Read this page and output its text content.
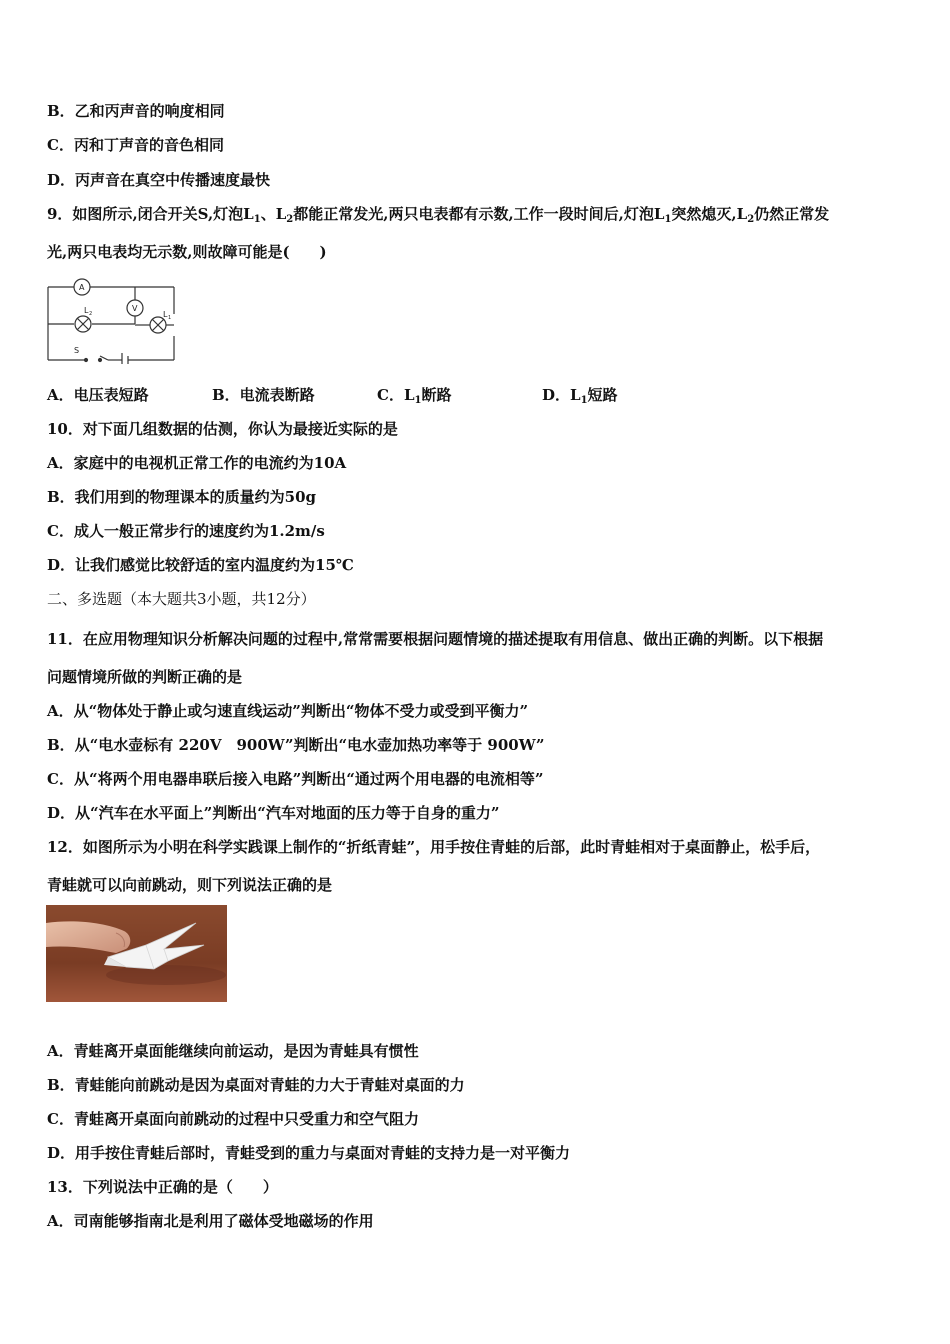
B．乙和丙声音的响度相同
C．丙和丁声音的音色相同
D．丙声音在真空中传播速度最快
9．如图所示,闭合开关S,灯泡$L_1$、$L_2$都能正常发光,两只电表都有示数,工作一段时间后,灯泡$L_1$突然熄灭$,L_2$仍然正常发
光,两只电表均无示数,则故障可能是(　　)
A
V
L 2	L 1
S
A．电压表短路	B．电流表断路	C．$L_1$断路	D．$L_1$短路
10．对下面几组数据的估测，你认为最接近实际的是
A．家庭中的电视机正常工作的电流约为10A
B．我们用到的物理课本的质量约为50g
C．成人一般正常步行的速度约为1.2m/s
D．让我们感觉比较舒适的室内温度约为15℃
二、多选题（本大题共3小题，共12分）
11．在应用物理知识分析解决问题的过程中,常常需要根据问题情境的描述提取有用信息、做出正确的判断。以下根据
问题情境所做的判断正确的是
A．从“物体处于静止或匀速直线运动”判断出“物体不受力或受到平衡力”
B．从“电水壶标有 220V　900W”判断出“电水壶加热功率等于 900W”
C．从“将两个用电器串联后接入电路”判断出“通过两个用电器的电流相等”
D．从“汽车在水平面上”判断出“汽车对地面的压力等于自身的重力”
12．如图所示为小明在科学实践课上制作的“折纸青蛙”，用手按住青蛙的后部，此时青蛙相对于桌面静止，松手后，
青蛙就可以向前跳动，则下列说法正确的是
A．青蛙离开桌面能继续向前运动，是因为青蛙具有惯性
B．青蛙能向前跳动是因为桌面对青蛙的力大于青蛙对桌面的力
C．青蛙离开桌面向前跳动的过程中只受重力和空气阻力
D．用手按住青蛙后部时，青蛙受到的重力与桌面对青蛙的支持力是一对平衡力
13．下列说法中正确的是（　　）
A．司南能够指南北是利用了磁体受地磁场的作用
